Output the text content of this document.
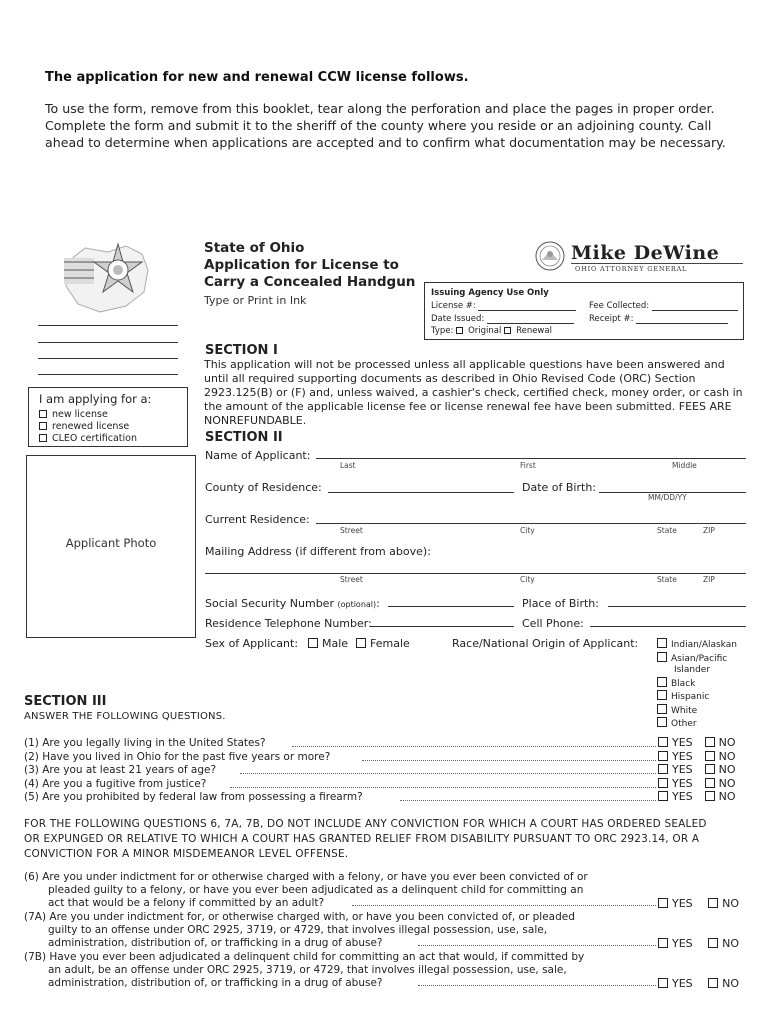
The application for new and renewal CCW license follows.
To use the form, remove from this booklet, tear along the perforation and place the pages in proper order. Complete the form and submit it to the sheriff of the county where you reside or an adjoining county. Call ahead to determine when applications are accepted and to confirm what documentation may be necessary.
I am applying for a:
new license
renewed license
CLEO certification
Applicant Photo
State of Ohio
Application for License to
Carry a Concealed Handgun
Type or Print in Ink
Mike DeWine
OHIO ATTORNEY GENERAL
Issuing Agency Use Only
License #:	Fee Collected:
Date Issued:	Receipt #:
Type: Original Renewal
SECTION I
This application will not be processed unless all applicable questions have been answered and until all required supporting documents as described in Ohio Revised Code (ORC) Section 2923.125(B) or (F) and, unless waived, a cashier's check, certified check, money order, or cash in the amount of the applicable license fee or license renewal fee have been submitted. FEES ARE NONREFUNDABLE.
SECTION II
Name of Applicant:
Last	First	Middle
County of Residence:	Date of Birth:
MM/DD/YY
Current Residence:
Street	City	State	ZIP
Mailing Address (if different from above):
Street	City	State	ZIP
Social Security Number (optional):	Place of Birth:
Residence Telephone Number:	Cell Phone:
Sex of Applicant:	Male	Female	Race/National Origin of Applicant:	Indian/Alaskan
Asian/Pacific
Islander
Black
Hispanic
White
Other
SECTION III
ANSWER THE FOLLOWING QUESTIONS.
(1) Are you legally living in the United States?	YES NO
(2) Have you lived in Ohio for the past five years or more?	YES NO
(3) Are you at least 21 years of age?	YES NO
(4) Are you a fugitive from justice?	YES NO
(5) Are you prohibited by federal law from possessing a firearm?	YES NO
FOR THE FOLLOWING QUESTIONS 6, 7A, 7B, DO NOT INCLUDE ANY CONVICTION FOR WHICH A COURT HAS ORDERED SEALED OR EXPUNGED OR RELATIVE TO WHICH A COURT HAS GRANTED RELIEF FROM DISABILITY PURSUANT TO ORC 2923.14, OR A CONVICTION FOR A MINOR MISDEMEANOR LEVEL OFFENSE.
(6) Are you under indictment for or otherwise charged with a felony, or have you ever been convicted of or
pleaded guilty to a felony, or have you ever been adjudicated as a delinquent child for committing an
act that would be a felony if committed by an adult?	YES	NO
(7A) Are you under indictment for, or otherwise charged with, or have you been convicted of, or pleaded
guilty to an offense under ORC 2925, 3719, or 4729, that involves illegal possession, use, sale,
administration, distribution of, or trafficking in a drug of abuse?	YES	NO
(7B) Have you ever been adjudicated a delinquent child for committing an act that would, if committed by
an adult, be an offense under ORC 2925, 3719, or 4729, that involves illegal possession, use, sale,
administration, distribution of, or trafficking in a drug of abuse?	YES	NO
